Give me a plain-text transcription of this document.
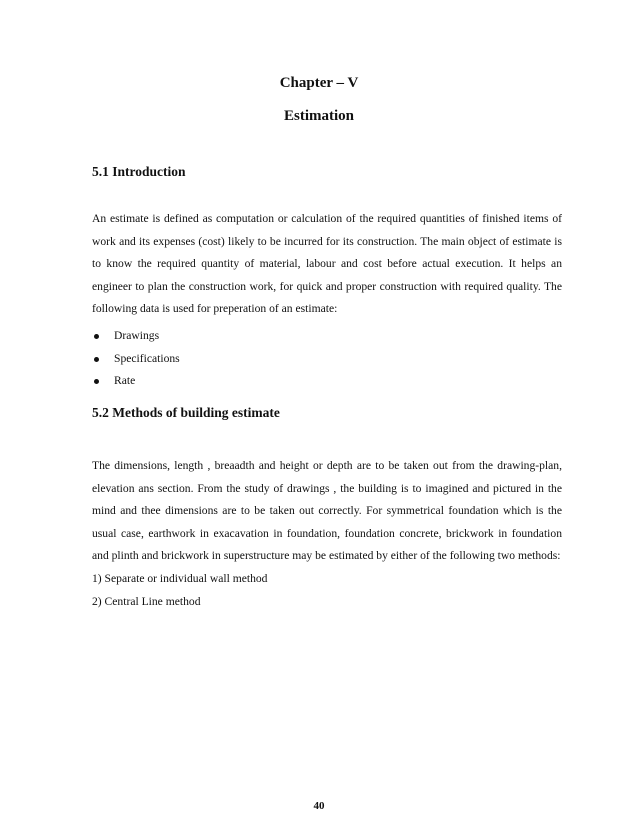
Chapter – V
Estimation
5.1 Introduction

An estimate is defined as computation or calculation of the required quantities of finished items of work and its expenses (cost) likely to be incurred for its construction. The main object of estimate is to know the required quantity of material, labour and cost before actual execution. It helps an engineer to plan the construction work, for quick and proper construction with required quality. The following data is used for preperation of an estimate:

Drawings
Specifications
Rate
5.2 Methods of building estimate

The dimensions, length , breaadth and height or depth are to be taken out from the drawing-plan, elevation ans section. From the study of drawings , the building is to imagined and pictured in the mind and thee dimensions are to be taken out correctly. For symmetrical foundation which is the usual case, earthwork in exacavation in foundation, foundation concrete, brickwork in foundation and plinth and brickwork in superstructure may be estimated by either of the following two methods:

1) Separate or individual wall method

2) Central Line method

40
